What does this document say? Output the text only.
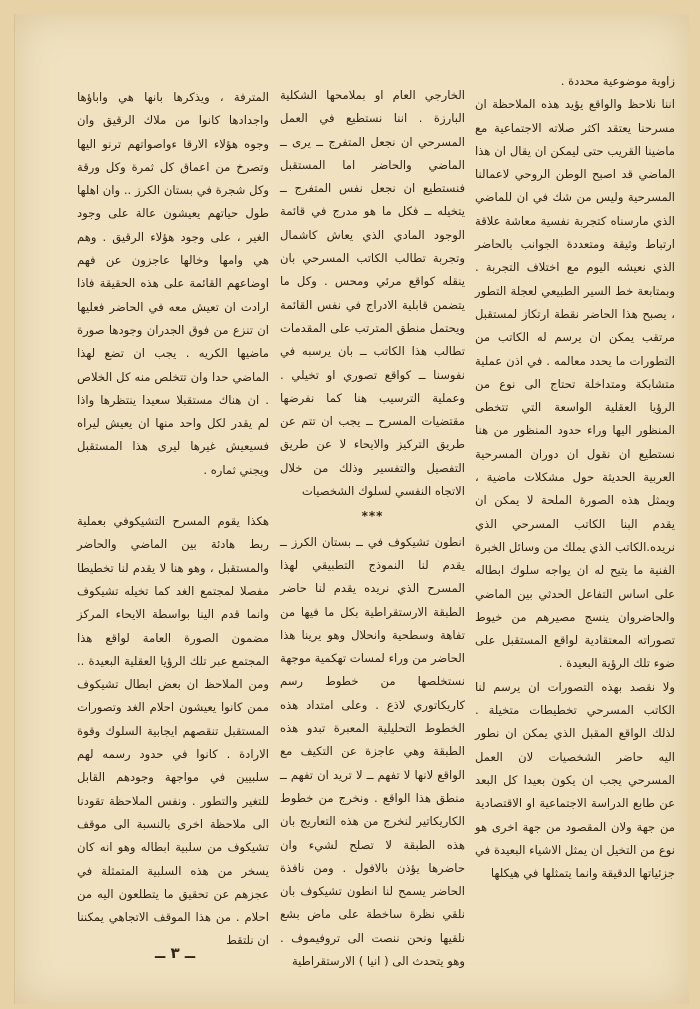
زاوية موضوعية محددة .

اننا نلاحظ والواقع يؤيد هذه الملاحظة ان مسرحنا يعتقد اكثر صلاته الاجتماعية مع ماضينا القريب حتى ليمكن ان يقال ان هذا الماضي قد اصبح الوطن الروحي لاعمالنا المسرحية وليس من شك في ان للماضي الذي مارسناه كتجربة نفسية معاشة علاقة ارتباط وثيقة ومتعددة الجوانب بالحاضر الذي نعيشه اليوم مع اختلاف التجربة . وبمتابعة خط السير الطبيعي لعجلة التطور ، يصبح هذا الحاضر نقطة ارتكاز لمستقبل مرتقب يمكن ان يرسم له الكاتب من التطورات ما يحدد معالمه . في اذن عملية متشابكة ومتداخلة تحتاج الى نوع من الرؤيا العقلية الواسعة التي تتخطى المنظور اليها وراء حدود المنظور من هنا نستطيع ان نقول ان دوران المسرحية العربية الحديثة حول مشكلات ماضية ، ويمثل هذه الصورة الملحة لا يمكن ان يقدم البنا الكاتب المسرحي الذي نريده.الكاتب الذي يملك من وسائل الخبرة الفنية ما يتيح له ان يواجه سلوك ابطاله على اساس التفاعل الحدثي بين الماضي والحاضروان ينسج مصيرهم من خيوط تصوراته المعتقادية لواقع المستقبل على ضوء تلك الرؤية البعيدة .

ولا نقصد بهذه التصورات ان يرسم لنا الكاتب المسرحي تخطيطات متخيلة . لذلك الواقع المقبل الذي يمكن ان نطور اليه حاضر الشخصيات لان العمل المسرحي يجب ان يكون بعيدا كل البعد عن طابع الدراسة الاجتماعية او الاقتصادية من جهة ولان المقصود من جهة اخرى هو نوع من التخيل ان يمثل الاشياء البعيدة في جزئياتها الدقيقة وانما يتمثلها في هيكلها

الخارجي العام او بملامحها الشكلية البارزة . اننا نستطيع في العمل المسرحي ان نجعل المتفرج ــ يرى ــ الماضي والحاضر اما المستقبل فنستطيع ان نجعل نفس المتفرج ــ يتخيله ــ فكل ما هو مدرج في قائمة الوجود المادي الذي يعاش كاشمال وتجربة تطالب الكاتب المسرحي بان ينقله كواقع مرئي ومحس . وكل ما يتضمن قابلية الادراج في نفس القائمة ويحتمل منطق المترتب على المقدمات تطالب هذا الكاتب ــ بان يرسبه في نفوسنا ــ كواقع تصوري او تخيلي . وعملية الترسيب هنا كما نفرضها مقتضيات المسرح ــ يجب ان تتم عن طريق التركيز والايحاء لا عن طريق التفصيل والتفسير وذلك من خلال الاتجاه النفسي لسلوك الشخصيات

***

انطون تشيكوف في ــ بستان الكرز ــ يقدم لنا النموذج التطبيقي لهذا المسرح الذي نريده يقدم لنا حاضر الطبقة الارستقراطية بكل ما فيها من تفاهة وسطحية وانحلال وهو يرينا هذا الحاضر من وراء لمسات تهكمية موجهة نستخلصها من خطوط رسم كاريكاتوري لاذع . وعلى امتداد هذه الخطوط التحليلية المعبرة تبدو هذه الطبقة وهي عاجزة عن التكيف مع الواقع لانها لا تفهم ــ لا تريد ان تفهم ــ منطق هذا الواقع . ونخرج من خطوط الكاريكاتير لنخرج من هذه التعاريج بان هذه الطبقة لا تصلح لشيء وان حاضرها يؤذن بالافول . ومن نافذة الحاضر يسمح لنا انطون تشيكوف بان نلقي نظرة ساخطة على ماض بشع نلقيها ونحن ننصت الى تروفيموف . وهو يتحدث الى ( انيا ) الارستقراطية

المترفة ، ويذكرها بانها هي واباؤها واجدادها كانوا من ملاك الرقيق وان وجوه هؤلاء الارقا ءواصواتهم ترنو اليها وتصرخ من اعماق كل ثمرة وكل ورقة وكل شجرة في بستان الكرز .. وان اهلها طول حياتهم يعيشون عالة على وجود الغير ، على وجود هؤلاء الرقيق . وهم هي وامها وخالها عاجزون عن فهم اوضاعهم القائمة على هذه الحقيقة فاذا ارادت ان تعيش معه في الحاضر فعليها ان تنزع من فوق الجدران وجودها صورة ماضيها الكريه . يجب ان تضع لهذا الماضي حدا وان تتخلص منه كل الخلاص . ان هناك مستقبلا سعيدا ينتظرها واذا لم يقدر لكل واحد منها ان يعيش ليراه فسيعيش غيرها ليرى هذا المستقبل ويجني ثماره .

هكذا يقوم المسرح التشيكوفي بعملية ربط هادئة بين الماضي والحاضر والمستقبل ، وهو هنا لا يقدم لنا تخطيطا مفصلا لمجتمع الغد كما تخيله تشيكوف وانما قدم الينا بواسطة الايحاء المركز مضمون الصورة العامة لواقع هذا المجتمع عبر تلك الرؤيا العقلية البعيدة .. ومن الملاحظ ان بعض ابطال تشيكوف ممن كانوا يعيشون احلام الغد وتصورات المستقبل تنقصهم ايجابية السلوك وقوة الارادة . كانوا في حدود رسمه لهم سلبيين في مواجهة وجودهم القابل للتغير والتطور . ونفس الملاحظة تقودنا الى ملاحظة اخرى بالنسبة الى موقف تشيكوف من سلبية ابطاله وهو انه كان يسخر من هذه السلبية المتمثلة في عجزهم عن تحقيق ما يتطلعون اليه من احلام . من هذا الموقف الاتجاهي يمكننا ان نلتقط

ــ ٣ ــ
